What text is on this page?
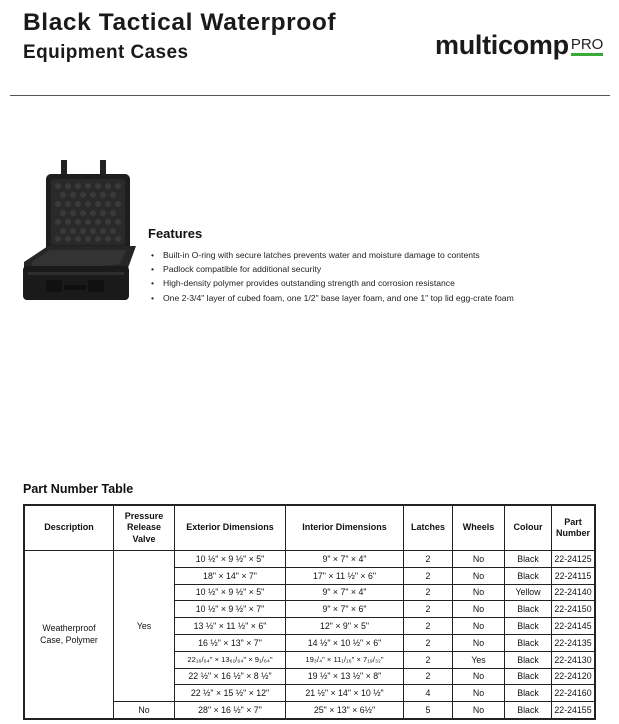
Black Tactical Waterproof
Equipment Cases	multicomp PRO
Features
• Built-in O-ring with secure latches prevents water and moisture damage to contents
• Padlock compatible for additional security
• High-density polymer provides outstanding strength and corrosion resistance
• One 2-3/4" layer of cubed foam, one 1/2" base layer foam, and one 1" top lid egg-crate foam
Part Number Table
Description	Pressure Release Valve	Exterior Dimensions	Interior Dimensions	Latches	Wheels	Colour	Part Number
Weatherproof Case, Polymer	Yes	10 ½" × 9 ½" × 5"	9" × 7" × 4"	2	No	Black	22-24125
		18" × 14" × 7"	17" × 11 ½" × 6"	2	No	Black	22-24115
		10 ½" × 9 ½" × 5"	9" × 7" × 4"	2	No	Yellow	22-24140
		10 ½" × 9 ½" × 7"	9" × 7" × 6"	2	No	Black	22-24150
		13 ½" × 11 ½" × 6"	12" × 9" × 5"	2	No	Black	22-24145
		16 ½" × 13" × 7"	14 ½" × 10 ½" × 6"	2	No	Black	22-24135
		22₁₆/₆₄" × 13₆₁/₆₄" × 9₁/₆₄"	19₃/₄" × 11₁/₁₆" × 7₁₉/₃₂"	2	Yes	Black	22-24130
		22 ½" × 16 ½" × 8 ½"	19 ½" × 13 ½" × 8"	2	No	Black	22-24120
		22 ½" × 15 ½" × 12"	21 ½" × 14" × 10 ½"	4	No	Black	22-24160
	No	28" × 16 ½" × 7"	25" × 13" × 6½"	5	No	Black	22-24155
